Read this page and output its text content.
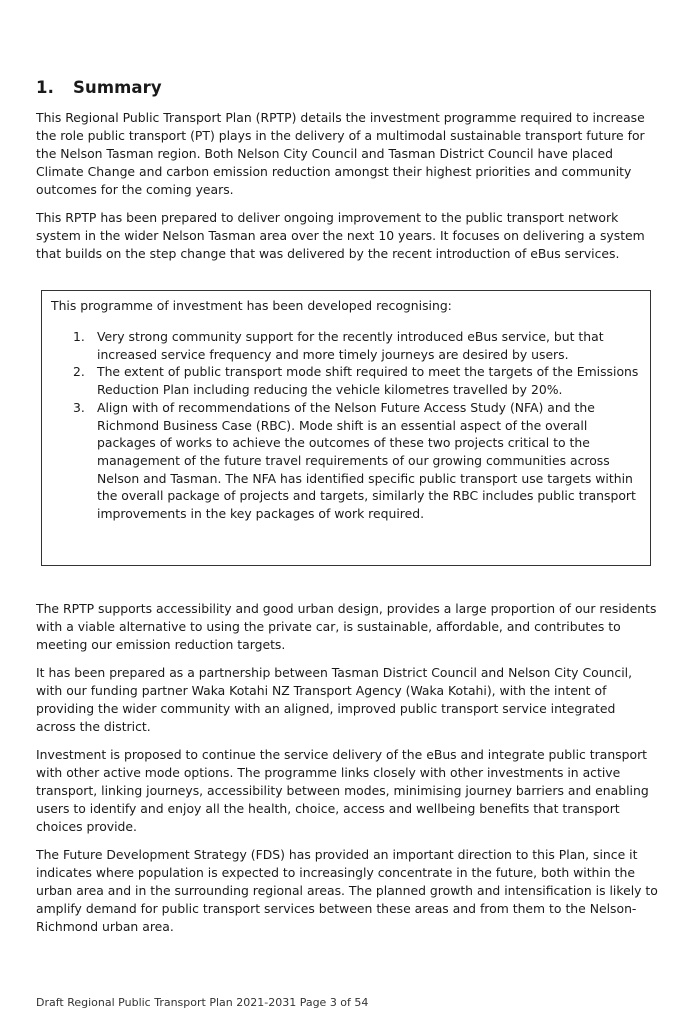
1. Summary

This Regional Public Transport Plan (RPTP) details the investment programme required to increase the role public transport (PT) plays in the delivery of a multimodal sustainable transport future for the Nelson Tasman region. Both Nelson City Council and Tasman District Council have placed Climate Change and carbon emission reduction amongst their highest priorities and community outcomes for the coming years.

This RPTP has been prepared to deliver ongoing improvement to the public transport network system in the wider Nelson Tasman area over the next 10 years. It focuses on delivering a system that builds on the step change that was delivered by the recent introduction of eBus services.

This programme of investment has been developed recognising:

1. Very strong community support for the recently introduced eBus service, but that increased service frequency and more timely journeys are desired by users.
2. The extent of public transport mode shift required to meet the targets of the Emissions Reduction Plan including reducing the vehicle kilometres travelled by 20%.
3. Align with of recommendations of the Nelson Future Access Study (NFA) and the Richmond Business Case (RBC). Mode shift is an essential aspect of the overall packages of works to achieve the outcomes of these two projects critical to the management of the future travel requirements of our growing communities across Nelson and Tasman. The NFA has identified specific public transport use targets within the overall package of projects and targets, similarly the RBC includes public transport improvements in the key packages of work required.

The RPTP supports accessibility and good urban design, provides a large proportion of our residents with a viable alternative to using the private car, is sustainable, affordable, and contributes to meeting our emission reduction targets.

It has been prepared as a partnership between Tasman District Council and Nelson City Council, with our funding partner Waka Kotahi NZ Transport Agency (Waka Kotahi), with the intent of providing the wider community with an aligned, improved public transport service integrated across the district.

Investment is proposed to continue the service delivery of the eBus and integrate public transport with other active mode options. The programme links closely with other investments in active transport, linking journeys, accessibility between modes, minimising journey barriers and enabling users to identify and enjoy all the health, choice, access and wellbeing benefits that transport choices provide.

The Future Development Strategy (FDS) has provided an important direction to this Plan, since it indicates where population is expected to increasingly concentrate in the future, both within the urban area and in the surrounding regional areas. The planned growth and intensification is likely to amplify demand for public transport services between these areas and from them to the Nelson-Richmond urban area.

Draft Regional Public Transport Plan 2021-2031 Page 3 of 54
